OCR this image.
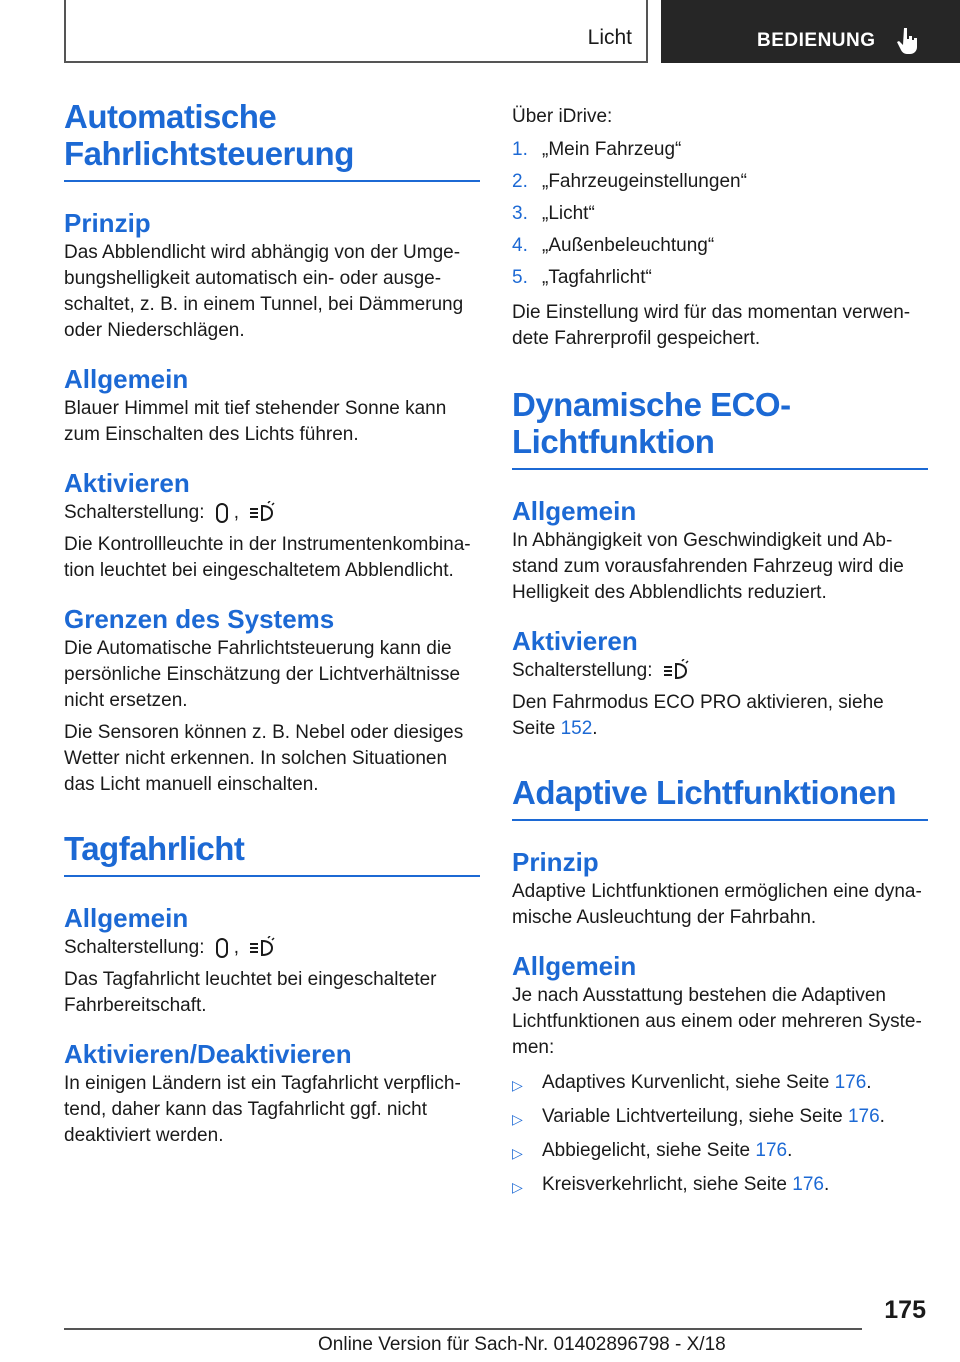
Licht	BEDIENUNG
Automatische
Fahrlichtsteuerung
Prinzip

Das Abblendlicht wird abhängig von der Umgebungshelligkeit automatisch ein- oder ausgeschaltet, z. B. in einem Tunnel, bei Dämmerung oder Niederschlägen.

Allgemein

Blauer Himmel mit tief stehender Sonne kann zum Einschalten des Lichts führen.

Aktivieren

Schalterstellung: ,

Die Kontrollleuchte in der Instrumentenkombination leuchtet bei eingeschaltetem Abblendlicht.

Grenzen des Systems

Die Automatische Fahrlichtsteuerung kann die persönliche Einschätzung der Lichtverhältnisse nicht ersetzen.

Die Sensoren können z. B. Nebel oder diesiges Wetter nicht erkennen. In solchen Situationen das Licht manuell einschalten.

Tagfahrlicht
Allgemein

Schalterstellung: ,

Das Tagfahrlicht leuchtet bei eingeschalteter Fahrbereitschaft.

Aktivieren/Deaktivieren

In einigen Ländern ist ein Tagfahrlicht verpflichtend, daher kann das Tagfahrlicht ggf. nicht deaktiviert werden.

Über iDrive:

1. „Mein Fahrzeug“
2. „Fahrzeugeinstellungen“
3. „Licht“
4. „Außenbeleuchtung“
5. „Tagfahrlicht“

Die Einstellung wird für das momentan verwendete Fahrerprofil gespeichert.

Dynamische ECO-
Lichtfunktion
Allgemein

In Abhängigkeit von Geschwindigkeit und Abstand zum vorausfahrenden Fahrzeug wird die Helligkeit des Abblendlichts reduziert.

Aktivieren

Schalterstellung:

Den Fahrmodus ECO PRO aktivieren, siehe Seite 152.

Adaptive Lichtfunktionen
Prinzip

Adaptive Lichtfunktionen ermöglichen eine dynamische Ausleuchtung der Fahrbahn.

Allgemein

Je nach Ausstattung bestehen die Adaptiven Lichtfunktionen aus einem oder mehreren Systemen:

▷	Adaptives Kurvenlicht, siehe Seite 176.
▷	Variable Lichtverteilung, siehe Seite 176.
▷	Abbiegelicht, siehe Seite 176.
▷	Kreisverkehrlicht, siehe Seite 176.
175
Online Version für Sach-Nr. 01402896798 - X/18
